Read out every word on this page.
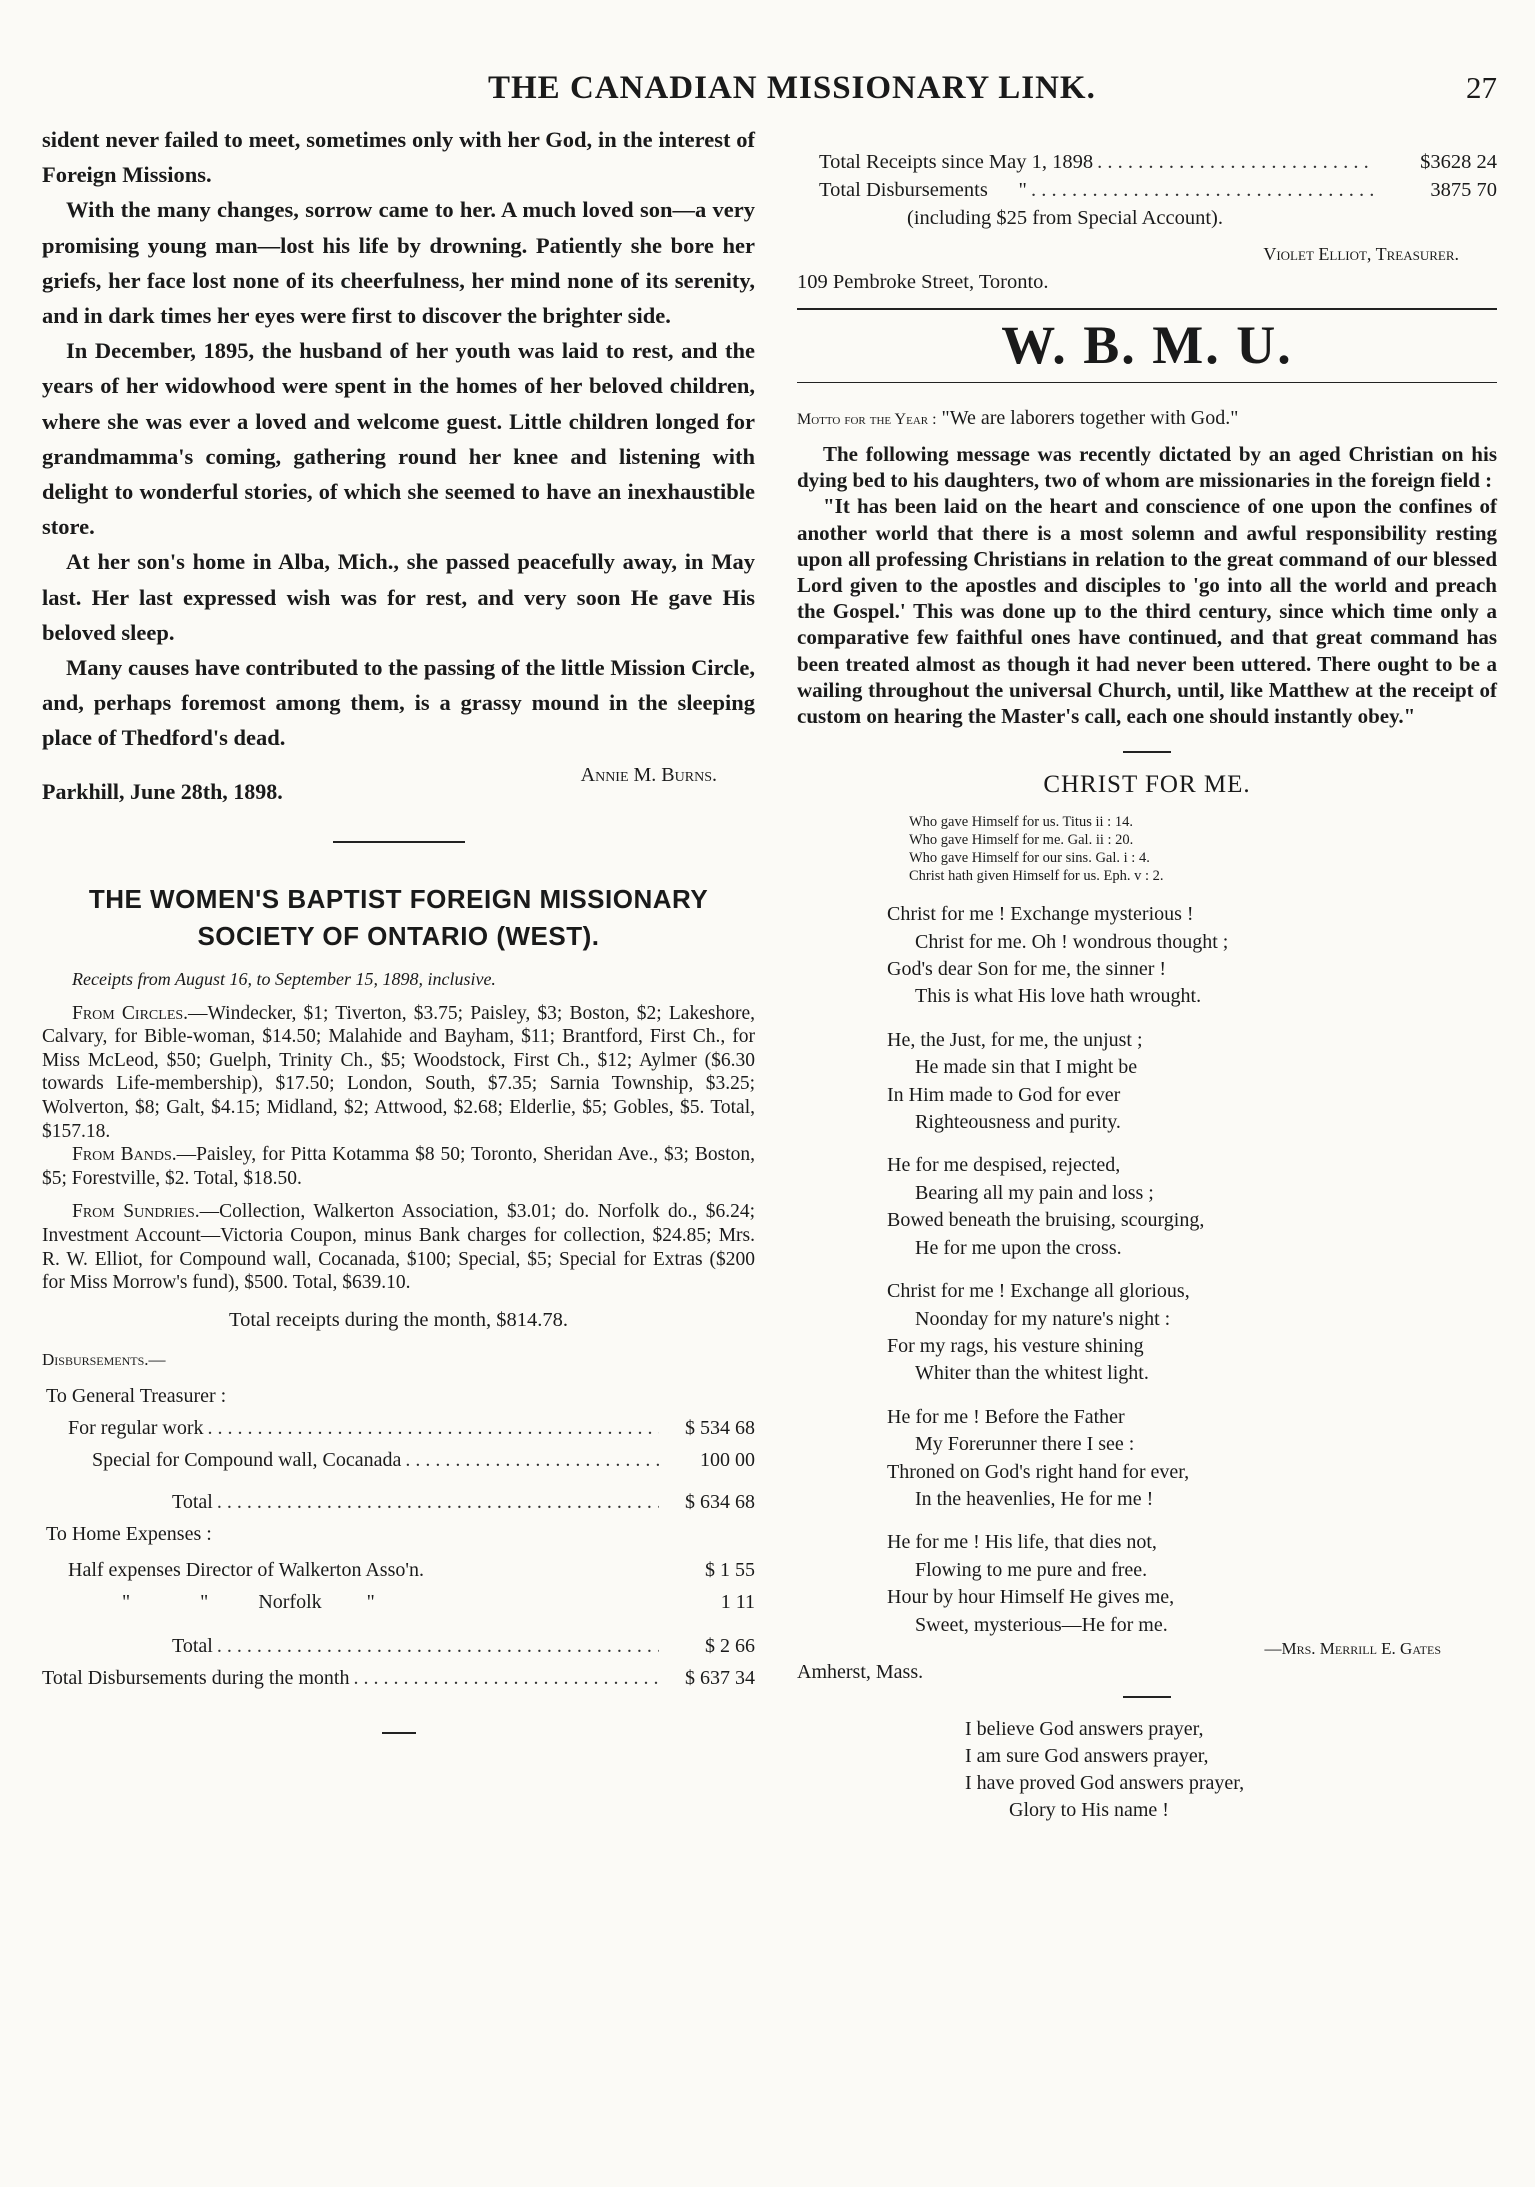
THE CANADIAN MISSIONARY LINK.	27

sident never failed to meet, sometimes only with her God, in the interest of Foreign Missions.

With the many changes, sorrow came to her. A much loved son—a very promising young man—lost his life by drowning. Patiently she bore her griefs, her face lost none of its cheerfulness, her mind none of its serenity, and in dark times her eyes were first to discover the brighter side.

In December, 1895, the husband of her youth was laid to rest, and the years of her widowhood were spent in the homes of her beloved children, where she was ever a loved and welcome guest. Little children longed for grandmamma's coming, gathering round her knee and listening with delight to wonderful stories, of which she seemed to have an inexhaustible store.

At her son's home in Alba, Mich., she passed peacefully away, in May last. Her last expressed wish was for rest, and very soon He gave His beloved sleep.

Many causes have contributed to the passing of the little Mission Circle, and, perhaps foremost among them, is a grassy mound in the sleeping place of Thedford's dead.

Annie M. Burns.
Parkhill, June 28th, 1898.
THE WOMEN'S BAPTIST FOREIGN MISSIONARY
SOCIETY OF ONTARIO (WEST).
Receipts from August 16, to September 15, 1898, inclusive.

From Circles.—Windecker, $1; Tiverton, $3.75; Paisley, $3; Boston, $2; Lakeshore, Calvary, for Bible-woman, $14.50; Malahide and Bayham, $11; Brantford, First Ch., for Miss McLeod, $50; Guelph, Trinity Ch., $5; Woodstock, First Ch., $12; Aylmer ($6.30 towards Life-membership), $17.50; London, South, $7.35; Sarnia Township, $3.25; Wolverton, $8; Galt, $4.15; Midland, $2; Attwood, $2.68; Elderlie, $5; Gobles, $5. Total, $157.18.

From Bands.—Paisley, for Pitta Kotamma $8 50; Toronto, Sheridan Ave., $3; Boston, $5; Forestville, $2. Total, $18.50.

From Sundries.—Collection, Walkerton Association, $3.01; do. Norfolk do., $6.24; Investment Account—Victoria Coupon, minus Bank charges for collection, $24.85; Mrs. R. W. Elliot, for Compound wall, Cocanada, $100; Special, $5; Special for Extras ($200 for Miss Morrow's fund), $500. Total, $639.10.

Total receipts during the month, $814.78.
Disbursements.—
To General Treasurer :
For regular work . . .	$ 534 68
Special for Compound wall, Cocanada . . .	100 00
Total . . .	$ 634 68
To Home Expenses :
Half expenses Director of Walkerton Asso'n.	$ 1 55
"              "          Norfolk         "	1 11
Total . . .	$ 2 66
Total Disbursements during the month . . .	$ 637 34
Total Receipts since May 1, 1898 . . .	$3628 24
Total Disbursements      " . . .	3875 70
(including $25 from Special Account).
Violet Elliot, Treasurer.
109 Pembroke Street, Toronto.
W. B. M. U.
Motto for the Year : "We are laborers together with God."

The following message was recently dictated by an aged Christian on his dying bed to his daughters, two of whom are missionaries in the foreign field :

"It has been laid on the heart and conscience of one upon the confines of another world that there is a most solemn and awful responsibility resting upon all professing Christians in relation to the great command of our blessed Lord given to the apostles and disciples to 'go into all the world and preach the Gospel.' This was done up to the third century, since which time only a comparative few faithful ones have continued, and that great command has been treated almost as though it had never been uttered. There ought to be a wailing throughout the universal Church, until, like Matthew at the receipt of custom on hearing the Master's call, each one should instantly obey."

CHRIST FOR ME.
Who gave Himself for us. Titus ii : 14.
Who gave Himself for me. Gal. ii : 20.
Who gave Himself for our sins. Gal. i : 4.
Christ hath given Himself for us. Eph. v : 2.
Christ for me ! Exchange mysterious !
Christ for me. Oh ! wondrous thought ;
God's dear Son for me, the sinner !
This is what His love hath wrought.
He, the Just, for me, the unjust ;
He made sin that I might be
In Him made to God for ever
Righteousness and purity.
He for me despised, rejected,
Bearing all my pain and loss ;
Bowed beneath the bruising, scourging,
He for me upon the cross.
Christ for me ! Exchange all glorious,
Noonday for my nature's night :
For my rags, his vesture shining
Whiter than the whitest light.
He for me ! Before the Father
My Forerunner there I see :
Throned on God's right hand for ever,
In the heavenlies, He for me !
He for me ! His life, that dies not,
Flowing to me pure and free.
Hour by hour Himself He gives me,
Sweet, mysterious—He for me.
—Mrs. Merrill E. Gates
Amherst, Mass.
I believe God answers prayer,
I am sure God answers prayer,
I have proved God answers prayer,
Glory to His name !
